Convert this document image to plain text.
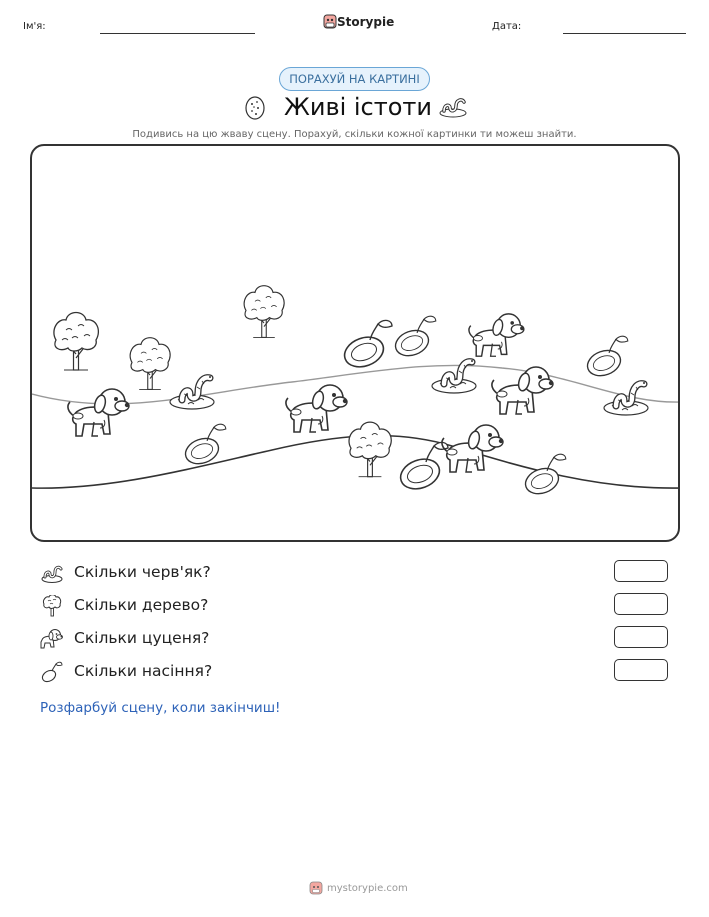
Ім'я:	Storypie	Дата:
ПОРАХУЙ НА КАРТИНІ
Живі істоти
Подивись на цю жваву сцену. Порахуй, скільки кожної картинки ти можеш знайти.
Скільки черв'як?
Скільки дерево?
Скільки цуценя?
Скільки насіння?
Розфарбуй сцену, коли закінчиш!
mystorypie.com
